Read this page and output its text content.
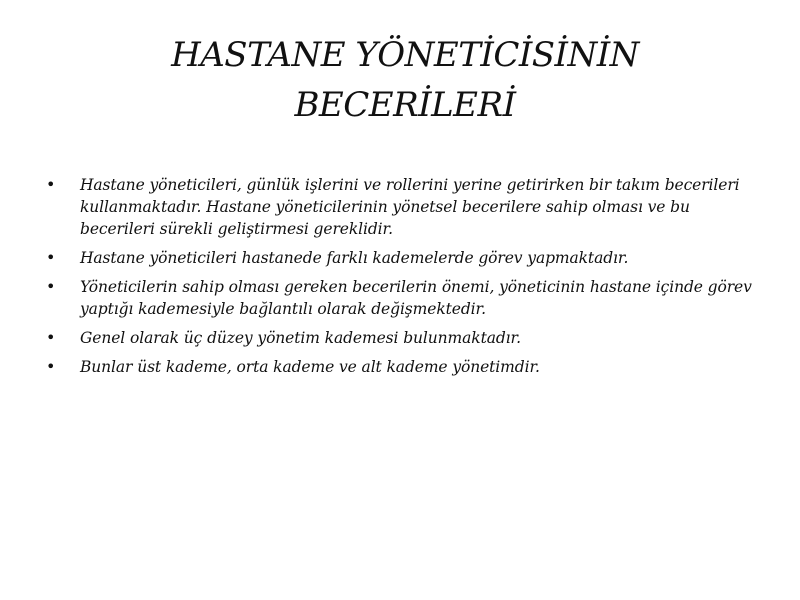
HASTANE YÖNETİCİSİNİN
BECERİLERİ
• Hastane yöneticileri, günlük işlerini ve rollerini yerine getirirken bir takım becerileri kullanmaktadır. Hastane yöneticilerinin yönetsel becerilere sahip olması ve bu becerileri sürekli geliştirmesi gereklidir.
• Hastane yöneticileri hastanede farklı kademelerde görev yapmaktadır.
• Yöneticilerin sahip olması gereken becerilerin önemi, yöneticinin hastane içinde görev yaptığı kademesiyle bağlantılı olarak değişmektedir.
• Genel olarak üç düzey yönetim kademesi bulunmaktadır.
• Bunlar üst kademe, orta kademe ve alt kademe yönetimdir.
